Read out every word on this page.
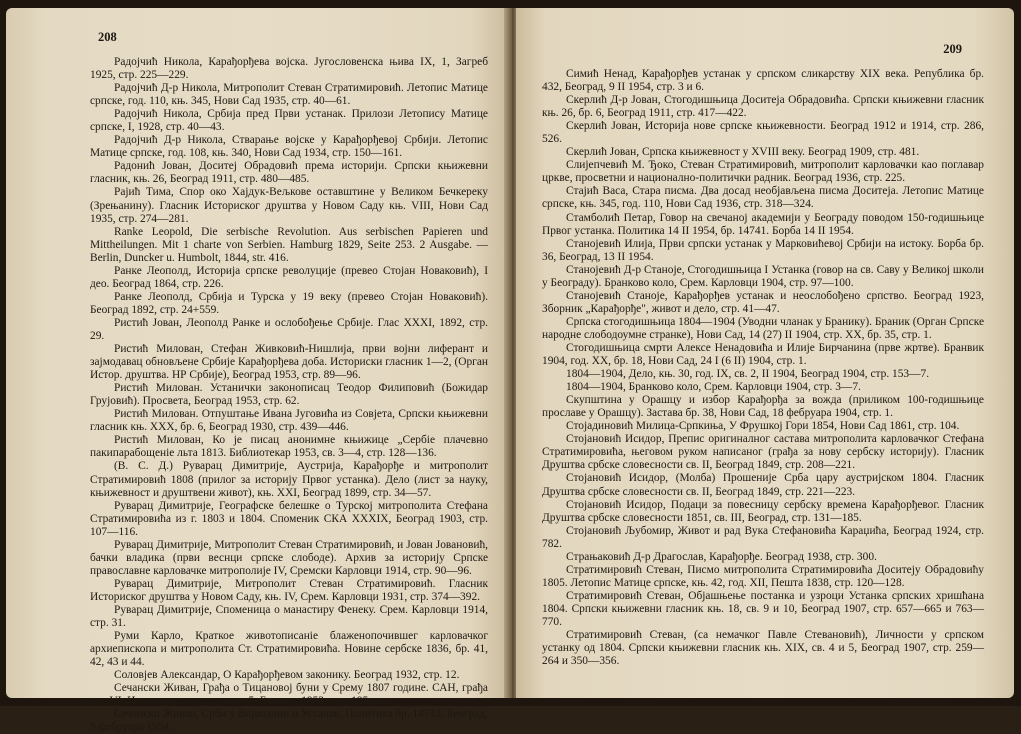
208

Радојчић Никола, Карађорђева војска. Југословенска њива IX, 1, Загреб 1925, стр. 225—229.

Радојчић Д-р Никола, Митрополит Стеван Стратимировић. Летопис Матице српске, год. 110, књ. 345, Нови Сад 1935, стр. 40—61.

Радојчић Никола, Србија пред Први устанак. Прилози Летопису Матице српске, I, 1928, стр. 40—43.

Радојчић Д-р Никола, Стварање војске у Карађорђевој Србији. Летопис Матице српске, год. 108, књ. 340, Нови Сад 1934, стр. 150—161.

Радонић Јован, Доситеј Обрадовић према историји. Српски књижевни гласник, књ. 26, Београд 1911, стр. 480—485.

Рајић Тима, Спор око Хајдук-Вељкове оставштине у Великом Бечкереку (Зрењанину). Гласник Историског друштва у Новом Саду књ. VIII, Нови Сад 1935, стр. 274—281.

Ranke Leopold, Die serbische Revolution. Aus serbischen Papieren und Mittheilungen. Mit 1 charte von Serbien. Hamburg 1829, Seite 253. 2 Ausgabe. — Berlin, Duncker u. Humbolt, 1844, str. 416.

Ранке Леополд, Историја српске револуције (превео Стојан Новаковић), I део. Београд 1864, стр. 226.

Ранке Леополд, Србија и Турска у 19 веку (превео Стојан Новаковић). Београд 1892, стр. 24+559.

Ристић Јован, Леополд Ранке и ослобођење Србије. Глас XXXI, 1892, стр. 29.

Ристић Милован, Стефан Живковић-Нишлија, први војни лиферант и зајмодавац обновљене Србије Карађорђева доба. Историски гласник 1—2, (Орган Истор. друштва. НР Србије), Београд 1953, стр. 89—96.

Ристић Милован. Устанички законописац Теодор Филиповић (Божидар Грујовић). Просвета, Београд 1953, стр. 62.

Ристић Милован. Отпуштање Ивана Југовића из Совјета, Српски књижевни гласник књ. XXX, бр. 6, Београд 1930, стр. 439—446.

Ристић Милован, Ко је писац анонимне књижице „Сербіе плачевно пакипарабощеніе льта 1813. Библиотекар 1953, св. 3—4, стр. 128—136.

(В. С. Д.) Руварац Димитрије, Аустрија, Карађорђе и митрополит Стратимировић 1808 (прилог за историју Првог устанка). Дело (лист за науку, књижевност и друштвени живот), књ. XXI, Београд 1899, стр. 34—57.

Руварац Димитрије, Географске белешке о Турској митрополита Стефана Стратимировића из г. 1803 и 1804. Споменик СКА XXXIX, Београд 1903, стр. 107—116.

Руварац Димитрије, Митрополит Стеван Стратимировић, и Јован Јовановић, бачки владика (први веснци српске слободе). Архив за историју Српске православне карловачке митрополије IV, Сремски Карловци 1914, стр. 90—96.

Руварац Димитрије, Митрополит Стеван Стратимировић. Гласник Историског друштва у Новом Саду, књ. IV, Срем. Карловци 1931, стр. 374—392.

Руварац Димитрије, Споменица о манастиру Фенеку. Срем. Карловци 1914, стр. 31.

Руми Карло, Краткое животописаніе блаженопочившег карловачког архиепископа и митрополита Ст. Стратимировића. Новине сербске 1836, бр. 41, 42, 43 и 44.

Соловјев Александар, О Карађорђевом законику. Београд 1932, стр. 12.

Сечански Живан, Грађа о Тицановој буни у Срему 1807 године. САН, грађа књ. VI, Историски институт књ. 5, Београд 1952, стр. 195.

Сечански Живан, Срби у Војводини и Устанак. Политика бр. 14733, Београд, 5 фебруара 1954.

209

Симић Ненад, Карађорђев устанак у српском сликарству XIX века. Република бр. 432, Београд, 9 II 1954, стр. 3 и 6.

Скерлић Д-р Јован, Стогодишњица Доситеја Обрадовића. Српски књижевни гласник књ. 26, бр. 6, Београд 1911, стр. 417—422.

Скерлић Јован, Историја нове српске књижевности. Београд 1912 и 1914, стр. 286, 526.

Скерлић Јован, Српска књижевност у XVIII веку. Београд 1909, стр. 481.

Слијепчевић М. Ђоко, Стеван Стратимировић, митрополит карловачки као поглавар цркве, просветни и национално-политички радник. Београд 1936, стр. 225.

Стајић Васа, Стара писма. Два досад необјављена писма Доситеја. Летопис Матице српске, књ. 345, год. 110, Нови Сад 1936, стр. 318—324.

Стамболић Петар, Говор на свечаној академији у Београду поводом 150-годишњице Првог устанка. Политика 14 II 1954, бр. 14741. Борба 14 II 1954.

Станојевић Илија, Први српски устанак у Марковићевој Србији на истоку. Борба бр. 36, Београд, 13 II 1954.

Станојевић Д-р Станоје, Стогодишњица I Устанка (говор на св. Саву у Великој школи у Београду). Бранково коло, Срем. Карловци 1904, стр. 97—100.

Станојевић Станоје, Карађорђев устанак и неослобођено српство. Београд 1923, Зборник „Карађорђе", живот и дело, стр. 41—47.

Српска стогодишњица 1804—1904 (Уводни чланак у Бранику). Браник (Орган Српске народне слободоумне странке), Нови Сад, 14 (27) II 1904, стр. XX, бр. 35, стр. 1.

Стогодишњица смрти Алексе Ненадовића и Илије Бирчанина (прве жртве). Бранвик 1904, год. XX, бр. 18, Нови Сад, 24 I (6 II) 1904, стр. 1.

1804—1904, Дело, књ. 30, год. IX, св. 2, II 1904, Београд 1904, стр. 153—7.

1804—1904, Бранково коло, Срем. Карловци 1904, стр. 3—7.

Скупштина у Орашцу и избор Карађорђа за вожда (приликом 100-годишњице прославе у Орашцу). Застава бр. 38, Нови Сад, 18 фебруара 1904, стр. 1.

Стојадиновић Милица-Српкиња, У Фрушкој Гори 1854, Нови Сад 1861, стр. 104.

Стојановић Исидор, Препис оригиналног састава митрополита карловачког Стефана Стратимировића, његовом руком написаног (грађа за нову сербску историју). Гласник Друштва србске словесности св. II, Београд 1849, стр. 208—221.

Стојановић Исидор, (Молба) Прошеније Срба цару аустријском 1804. Гласник Друштва србске словесности св. II, Београд 1849, стр. 221—223.

Стојановић Исидор, Подаци за повесницу сербску времена Карађорђевог. Гласник Друштва србске словесности 1851, св. III, Београд, стр. 131—185.

Стојановић Љубомир, Живот и рад Вука Стефановића Караџића, Београд 1924, стр. 782.

Страњаковић Д-р Драгослав, Карађорђе. Београд 1938, стр. 300.

Стратимировић Стеван, Писмо митрополита Стратимировића Доситеју Обрадовићу 1805. Летопис Матице српске, књ. 42, год. XII, Пешта 1838, стр. 120—128.

Стратимировић Стеван, Објашњење постанка и узроци Устанка српских хришћана 1804. Српски књижевни гласник књ. 18, св. 9 и 10, Београд 1907, стр. 657—665 и 763—770.

Стратимировић Стеван, (са немачког Павле Стевановић), Личности у српском устанку од 1804. Српски књижевни гласник књ. XIX, св. 4 и 5, Београд 1907, стр. 259—264 и 350—356.
